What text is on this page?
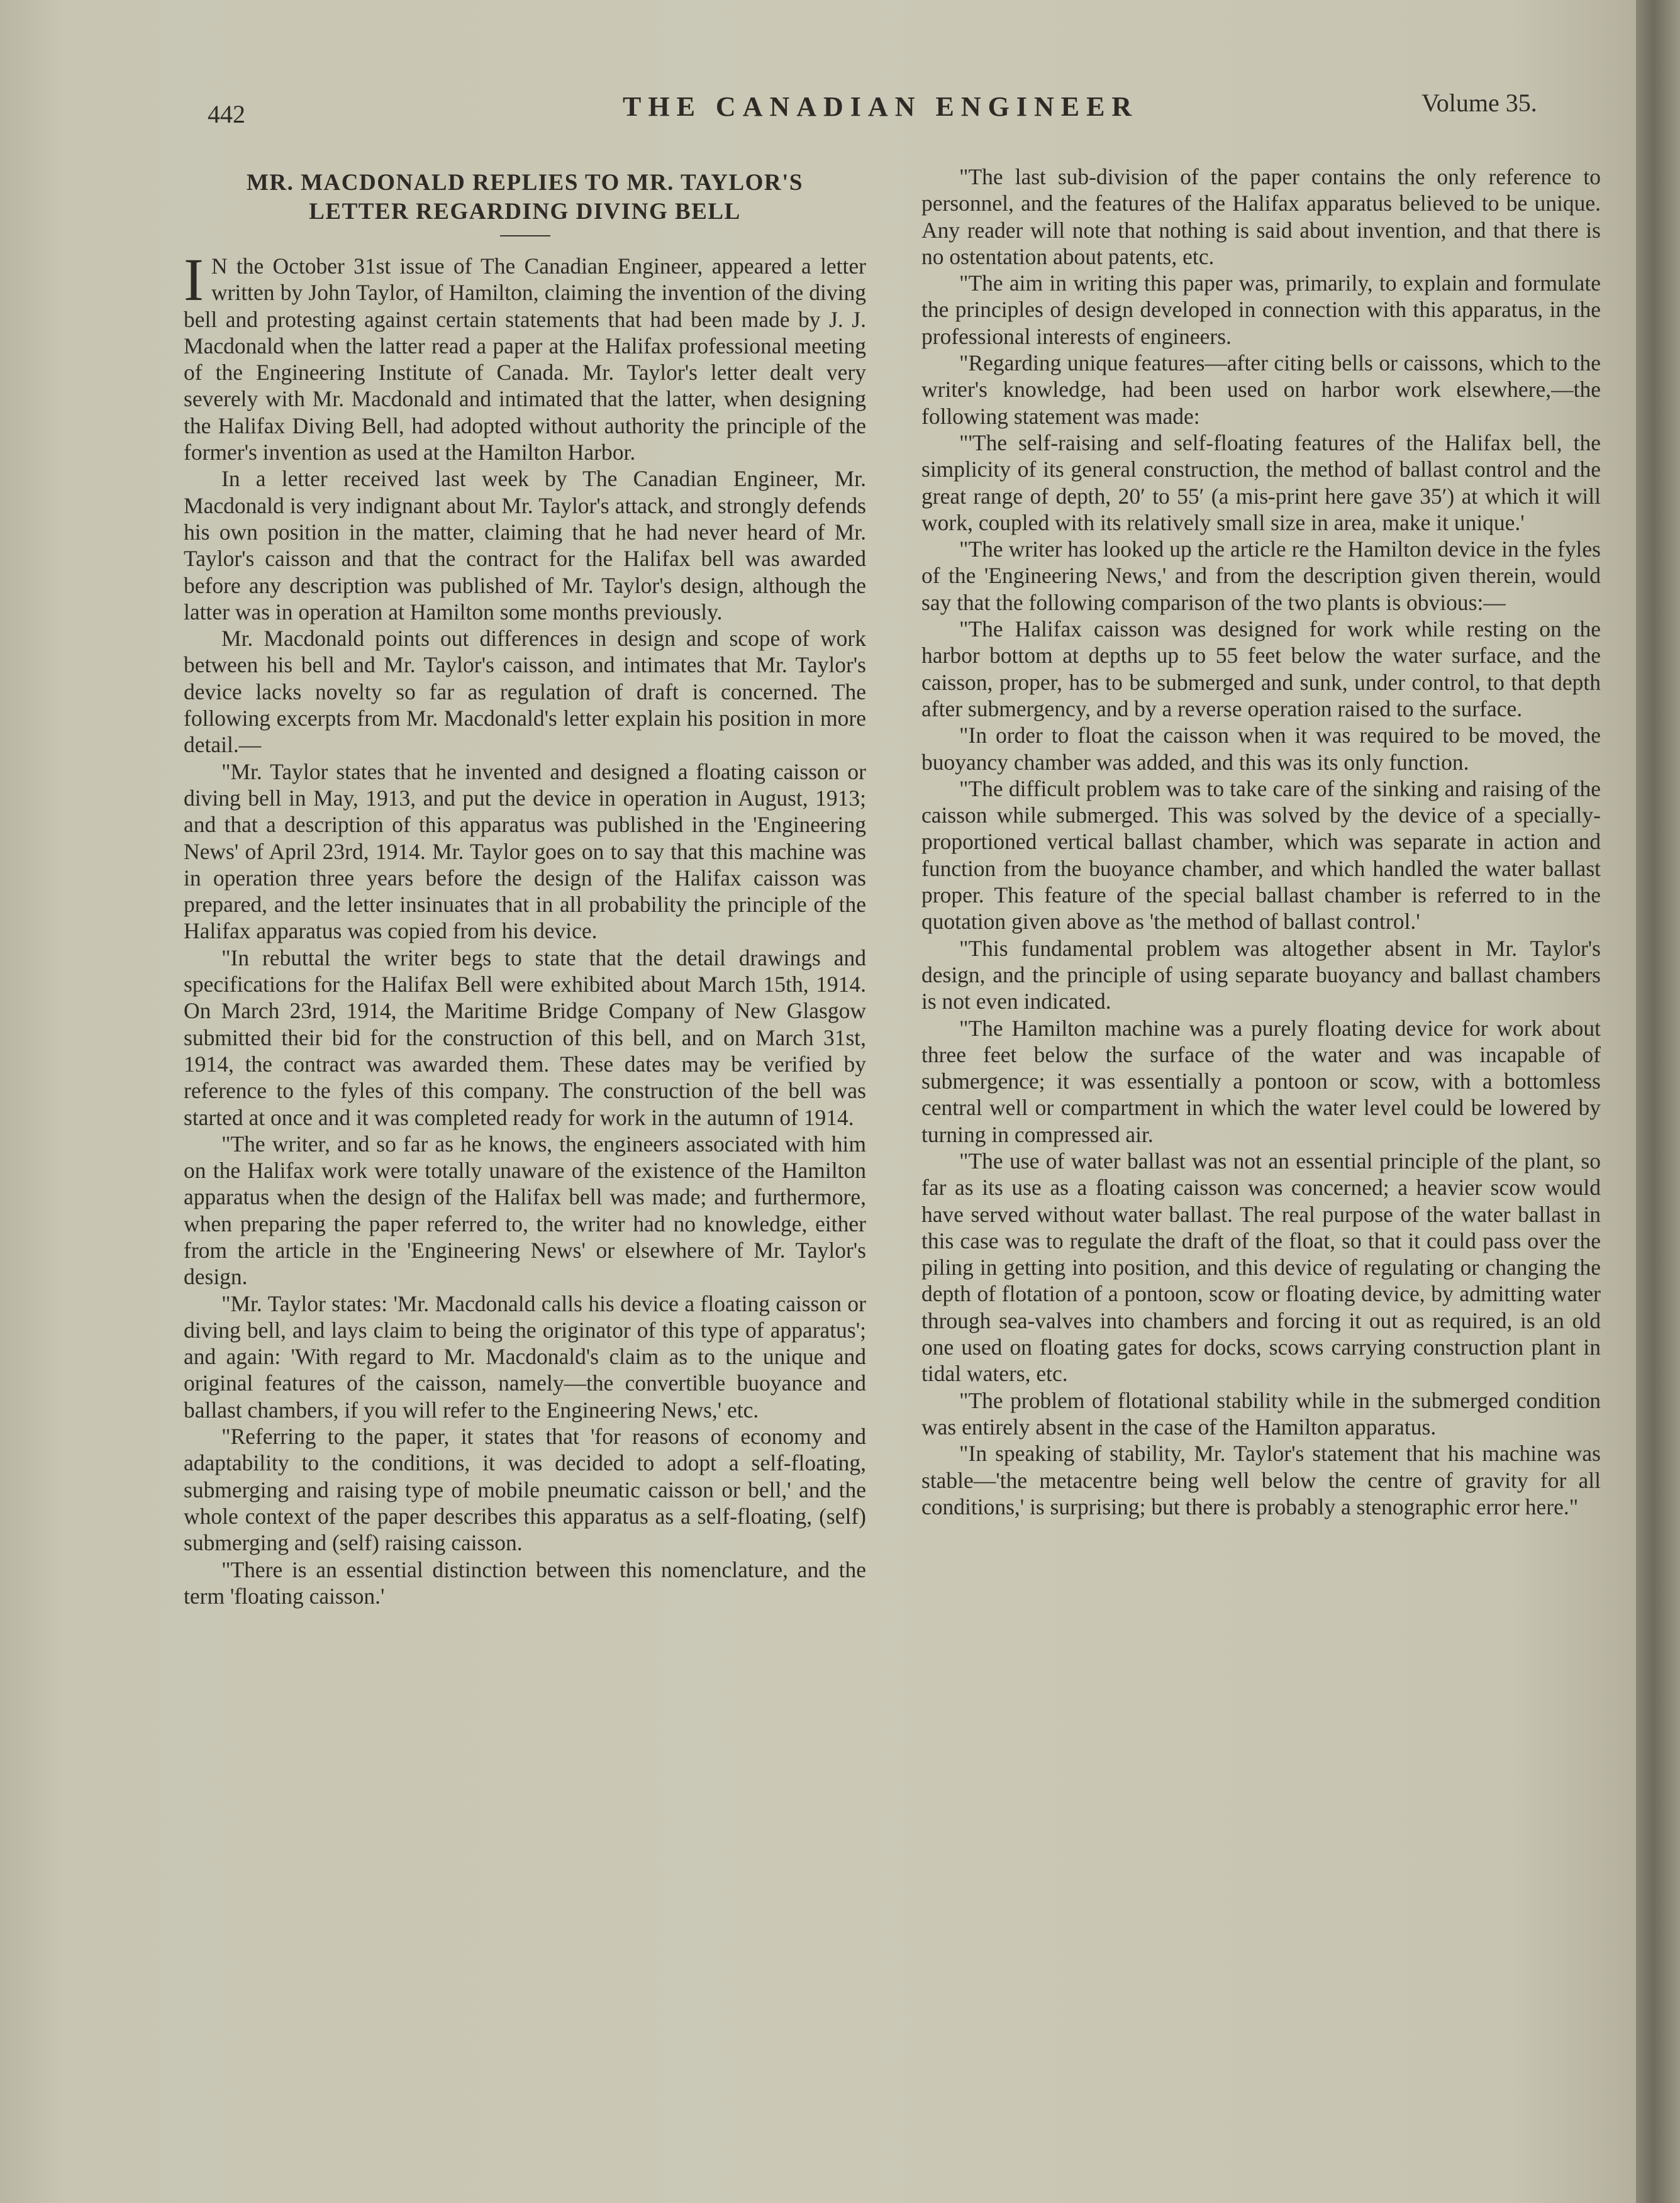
442	THE CANADIAN ENGINEER	Volume 35.
MR. MACDONALD REPLIES TO MR. TAYLOR'S
LETTER REGARDING DIVING BELL

I N the October 31st issue of The Canadian Engineer, appeared a letter written by John Taylor, of Hamilton, claiming the invention of the diving bell and protesting against certain statements that had been made by J. J. Macdonald when the latter read a paper at the Halifax professional meeting of the Engineering Institute of Canada. Mr. Taylor's letter dealt very severely with Mr. Macdonald and intimated that the latter, when designing the Halifax Diving Bell, had adopted without authority the principle of the former's invention as used at the Hamilton Harbor.

In a letter received last week by The Canadian Engineer, Mr. Macdonald is very indignant about Mr. Taylor's attack, and strongly defends his own position in the matter, claiming that he had never heard of Mr. Taylor's caisson and that the contract for the Halifax bell was awarded before any description was published of Mr. Taylor's design, although the latter was in operation at Hamilton some months previously.

Mr. Macdonald points out differences in design and scope of work between his bell and Mr. Taylor's caisson, and intimates that Mr. Taylor's device lacks novelty so far as regulation of draft is concerned. The following excerpts from Mr. Macdonald's letter explain his position in more detail.—

"Mr. Taylor states that he invented and designed a floating caisson or diving bell in May, 1913, and put the device in operation in August, 1913; and that a description of this apparatus was published in the 'Engineering News' of April 23rd, 1914. Mr. Taylor goes on to say that this machine was in operation three years before the design of the Halifax caisson was prepared, and the letter insinuates that in all probability the principle of the Halifax apparatus was copied from his device.

"In rebuttal the writer begs to state that the detail drawings and specifications for the Halifax Bell were exhibited about March 15th, 1914. On March 23rd, 1914, the Maritime Bridge Company of New Glasgow submitted their bid for the construction of this bell, and on March 31st, 1914, the contract was awarded them. These dates may be verified by reference to the fyles of this company. The construction of the bell was started at once and it was completed ready for work in the autumn of 1914.

"The writer, and so far as he knows, the engineers associated with him on the Halifax work were totally unaware of the existence of the Hamilton apparatus when the design of the Halifax bell was made; and furthermore, when preparing the paper referred to, the writer had no knowledge, either from the article in the 'Engineering News' or elsewhere of Mr. Taylor's design.

"Mr. Taylor states: 'Mr. Macdonald calls his device a floating caisson or diving bell, and lays claim to being the originator of this type of apparatus'; and again: 'With regard to Mr. Macdonald's claim as to the unique and original features of the caisson, namely—the convertible buoyance and ballast chambers, if you will refer to the Engineering News,' etc.

"Referring to the paper, it states that 'for reasons of economy and adaptability to the conditions, it was decided to adopt a self-floating, submerging and raising type of mobile pneumatic caisson or bell,' and the whole context of the paper describes this apparatus as a self-floating, (self) submerging and (self) raising caisson.

"There is an essential distinction between this nomenclature, and the term 'floating caisson.'

"The last sub-division of the paper contains the only reference to personnel, and the features of the Halifax apparatus believed to be unique. Any reader will note that nothing is said about invention, and that there is no ostentation about patents, etc.

"The aim in writing this paper was, primarily, to explain and formulate the principles of design developed in connection with this apparatus, in the professional interests of engineers.

"Regarding unique features—after citing bells or caissons, which to the writer's knowledge, had been used on harbor work elsewhere,—the following statement was made:

"'The self-raising and self-floating features of the Halifax bell, the simplicity of its general construction, the method of ballast control and the great range of depth, 20′ to 55′ (a mis-print here gave 35′) at which it will work, coupled with its relatively small size in area, make it unique.'

"The writer has looked up the article re the Hamilton device in the fyles of the 'Engineering News,' and from the description given therein, would say that the following comparison of the two plants is obvious:—

"The Halifax caisson was designed for work while resting on the harbor bottom at depths up to 55 feet below the water surface, and the caisson, proper, has to be submerged and sunk, under control, to that depth after submergency, and by a reverse operation raised to the surface.

"In order to float the caisson when it was required to be moved, the buoyancy chamber was added, and this was its only function.

"The difficult problem was to take care of the sinking and raising of the caisson while submerged. This was solved by the device of a specially-proportioned vertical ballast chamber, which was separate in action and function from the buoyance chamber, and which handled the water ballast proper. This feature of the special ballast chamber is referred to in the quotation given above as 'the method of ballast control.'

"This fundamental problem was altogether absent in Mr. Taylor's design, and the principle of using separate buoyancy and ballast chambers is not even indicated.

"The Hamilton machine was a purely floating device for work about three feet below the surface of the water and was incapable of submergence; it was essentially a pontoon or scow, with a bottomless central well or compartment in which the water level could be lowered by turning in compressed air.

"The use of water ballast was not an essential principle of the plant, so far as its use as a floating caisson was concerned; a heavier scow would have served without water ballast. The real purpose of the water ballast in this case was to regulate the draft of the float, so that it could pass over the piling in getting into position, and this device of regulating or changing the depth of flotation of a pontoon, scow or floating device, by admitting water through sea-valves into chambers and forcing it out as required, is an old one used on floating gates for docks, scows carrying construction plant in tidal waters, etc.

"The problem of flotational stability while in the submerged condition was entirely absent in the case of the Hamilton apparatus.

"In speaking of stability, Mr. Taylor's statement that his machine was stable—'the metacentre being well below the centre of gravity for all conditions,' is surprising; but there is probably a stenographic error here."
